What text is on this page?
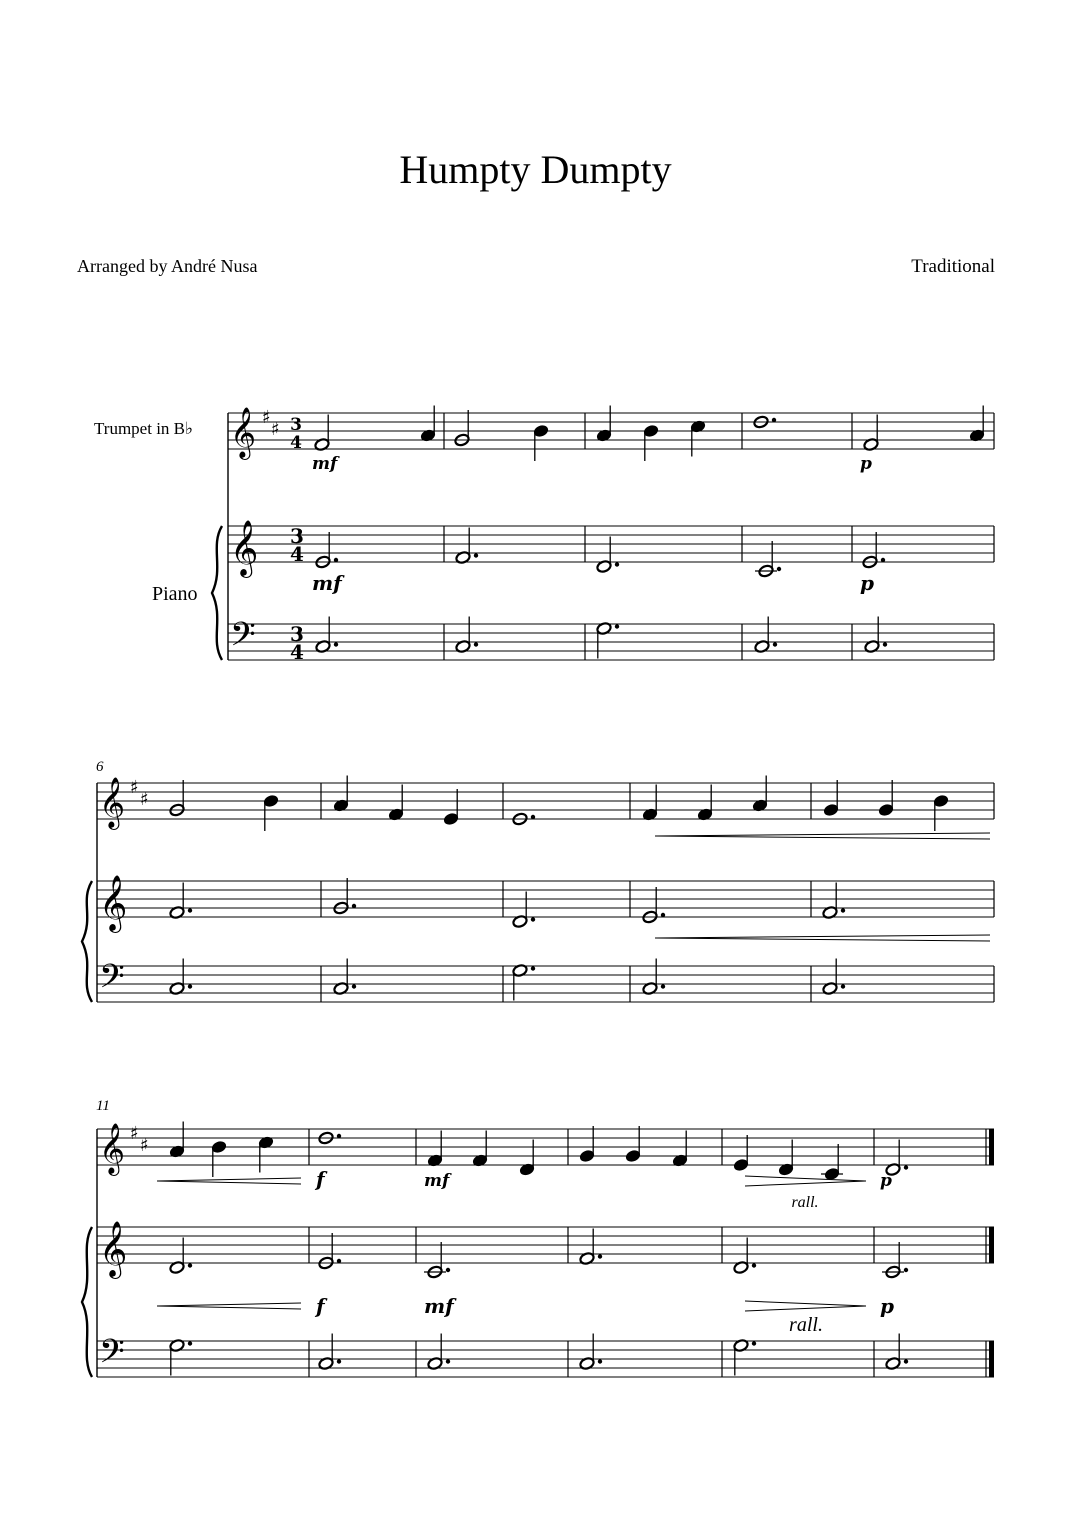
Humpty Dumpty
Arranged by André Nusa	Traditional
Trumpet in B♭
Piano
𝄞
𝄞
𝄢
♯
♯ 3
4
3
4
3
4
mf	p
mf	p
6
𝄞
𝄞
𝄢
♯
♯
11
𝄞
𝄞
𝄢
♯
♯
f	mf	p
rall.
f	mf	p
rall.
